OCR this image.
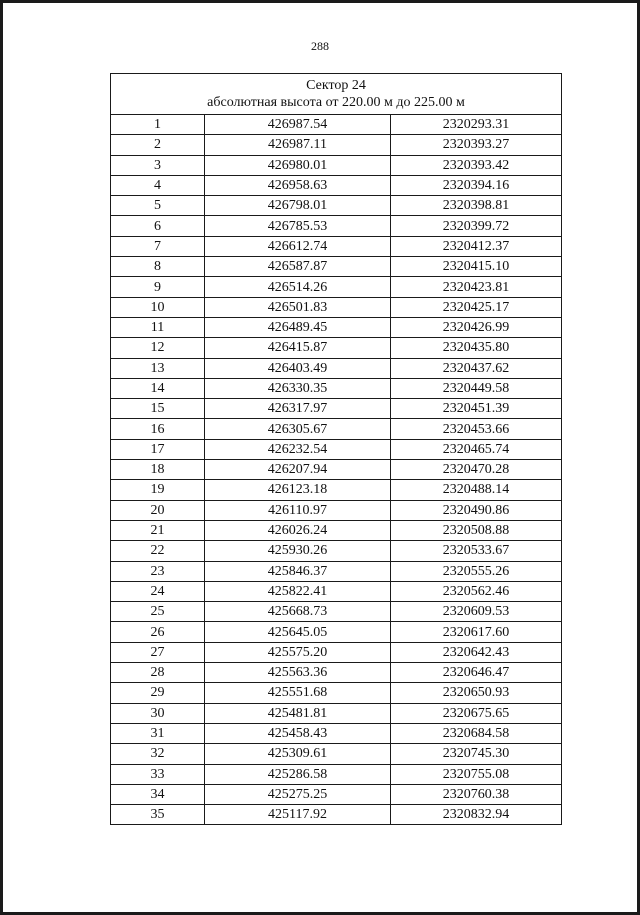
288
Сектор 24
абсолютная высота от 220.00 м до 225.00 м		

1	426987.54	2320293.31
2	426987.11	2320393.27
3	426980.01	2320393.42
4	426958.63	2320394.16
5	426798.01	2320398.81
6	426785.53	2320399.72
7	426612.74	2320412.37
8	426587.87	2320415.10
9	426514.26	2320423.81
10	426501.83	2320425.17
11	426489.45	2320426.99
12	426415.87	2320435.80
13	426403.49	2320437.62
14	426330.35	2320449.58
15	426317.97	2320451.39
16	426305.67	2320453.66
17	426232.54	2320465.74
18	426207.94	2320470.28
19	426123.18	2320488.14
20	426110.97	2320490.86
21	426026.24	2320508.88
22	425930.26	2320533.67
23	425846.37	2320555.26
24	425822.41	2320562.46
25	425668.73	2320609.53
26	425645.05	2320617.60
27	425575.20	2320642.43
28	425563.36	2320646.47
29	425551.68	2320650.93
30	425481.81	2320675.65
31	425458.43	2320684.58
32	425309.61	2320745.30
33	425286.58	2320755.08
34	425275.25	2320760.38
35	425117.92	2320832.94
